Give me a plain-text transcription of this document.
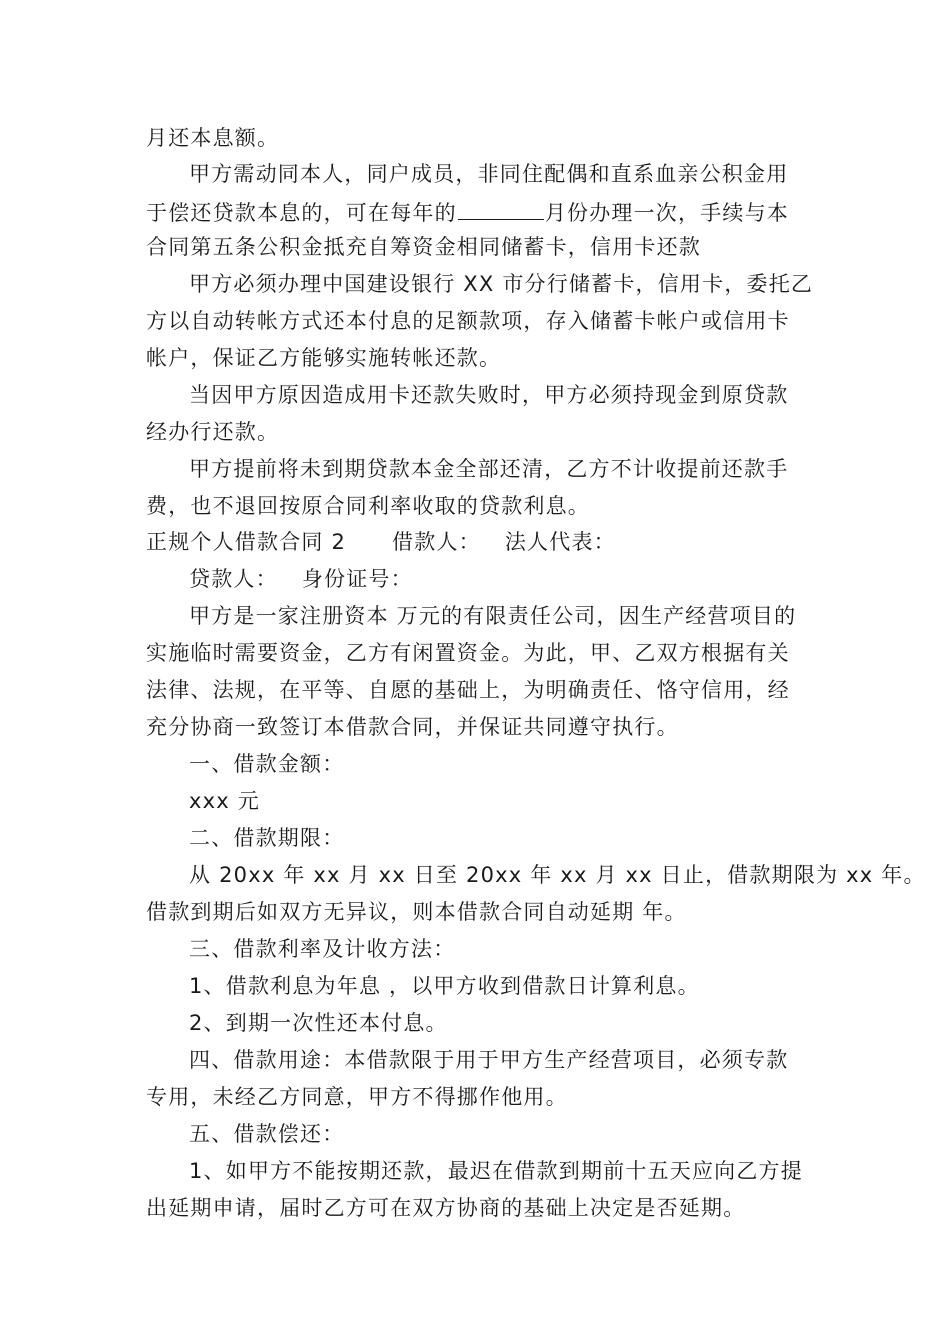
月还本息额。
甲方需动同本人，同户成员，非同住配偶和直系血亲公积金用
于偿还贷款本息的，可在每年的	月份办理一次，手续与本
合同第五条公积金抵充自筹资金相同储蓄卡，信用卡还款
甲方必须办理中国建设银行 XX 市分行储蓄卡，信用卡，委托乙
方以自动转帐方式还本付息的足额款项，存入储蓄卡帐户或信用卡
帐户，保证乙方能够实施转帐还款。
当因甲方原因造成用卡还款失败时，甲方必须持现金到原贷款
经办行还款。
甲方提前将未到期贷款本金全部还清，乙方不计收提前还款手
费，也不退回按原合同利率收取的贷款利息。
正规个人借款合同 2 借款人： 法人代表：
贷款人： 身份证号：
甲方是一家注册资本 万元的有限责任公司，因生产经营项目的
实施临时需要资金，乙方有闲置资金。为此，甲、乙双方根据有关
法律、法规，在平等、自愿的基础上，为明确责任、恪守信用，经
充分协商一致签订本借款合同，并保证共同遵守执行。
一、借款金额：
xxx 元
二、借款期限：
从 20xx 年 xx 月 xx 日至 20xx 年 xx 月 xx 日止，借款期限为 xx 年。
借款到期后如双方无异议，则本借款合同自动延期 年。
三、借款利率及计收方法：
1、借款利息为年息 ，以甲方收到借款日计算利息。
2、到期一次性还本付息。
四、借款用途：本借款限于用于甲方生产经营项目，必须专款
专用，未经乙方同意，甲方不得挪作他用。
五、借款偿还：
1、如甲方不能按期还款，最迟在借款到期前十五天应向乙方提
出延期申请，届时乙方可在双方协商的基础上决定是否延期。
